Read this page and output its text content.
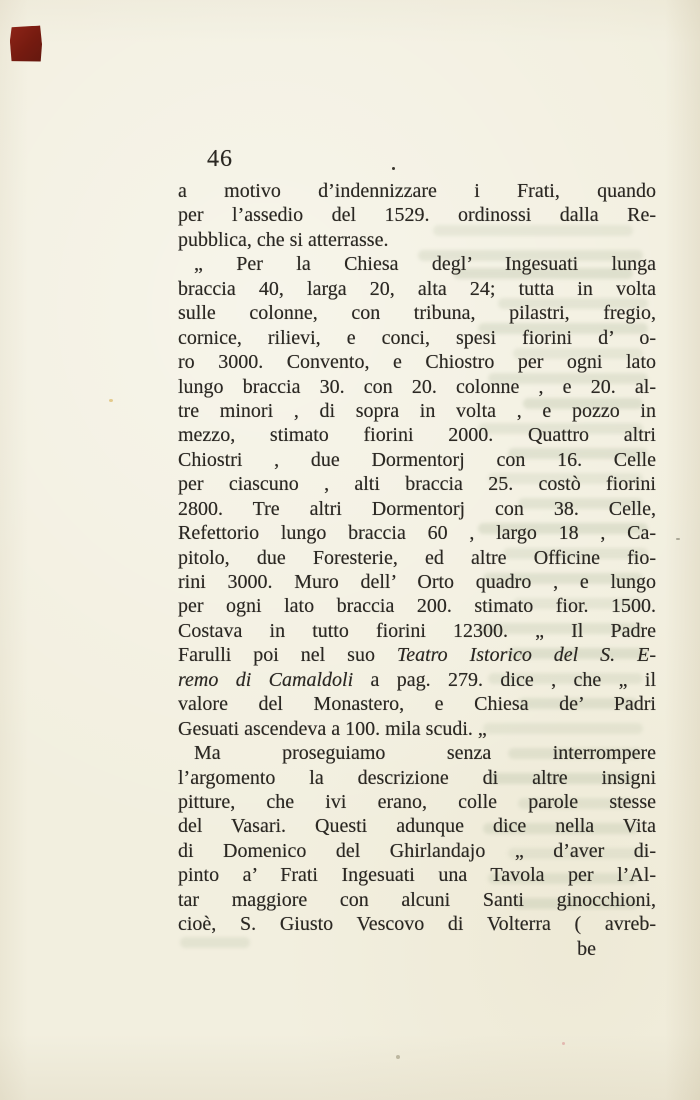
46
a motivo d’indennizzare i Frati, quando
per l’assedio del 1529. ordinossi dalla Re-
pubblica, che si atterrasse.
„ Per la Chiesa degl’ Ingesuati lunga
braccia 40, larga 20, alta 24; tutta in volta
sulle colonne, con tribuna, pilastri, fregio,
cornice, rilievi, e conci, spesi fiorini d’ o-
ro 3000. Convento, e Chiostro per ogni lato
lungo braccia 30. con 20. colonne , e 20. al-
tre minori , di sopra in volta , e pozzo in
mezzo, stimato fiorini 2000. Quattro altri
Chiostri , due Dormentorj con 16. Celle
per ciascuno , alti braccia 25. costò fiorini
2800. Tre altri Dormentorj con 38. Celle,
Refettorio lungo braccia 60 , largo 18 , Ca-
pitolo, due Foresterie, ed altre Officine fio-
rini 3000. Muro dell’ Orto quadro , e lungo
per ogni lato braccia 200. stimato fior. 1500.
Costava in tutto fiorini 12300. „ Il Padre
Farulli poi nel suo Teatro Istorico del S. E-
remo di Camaldoli a pag. 279. dice , che „ il
valore del Monastero, e Chiesa de’ Padri
Gesuati ascendeva a 100. mila scudi. „
Ma proseguiamo senza interrompere
l’argomento la descrizione di altre insigni
pitture, che ivi erano, colle parole stesse
del Vasari. Questi adunque dice nella Vita
di Domenico del Ghirlandajo „ d’aver di-
pinto a’ Frati Ingesuati una Tavola per l’Al-
tar maggiore con alcuni Santi ginocchioni,
cioè, S. Giusto Vescovo di Volterra ( avreb-
be
